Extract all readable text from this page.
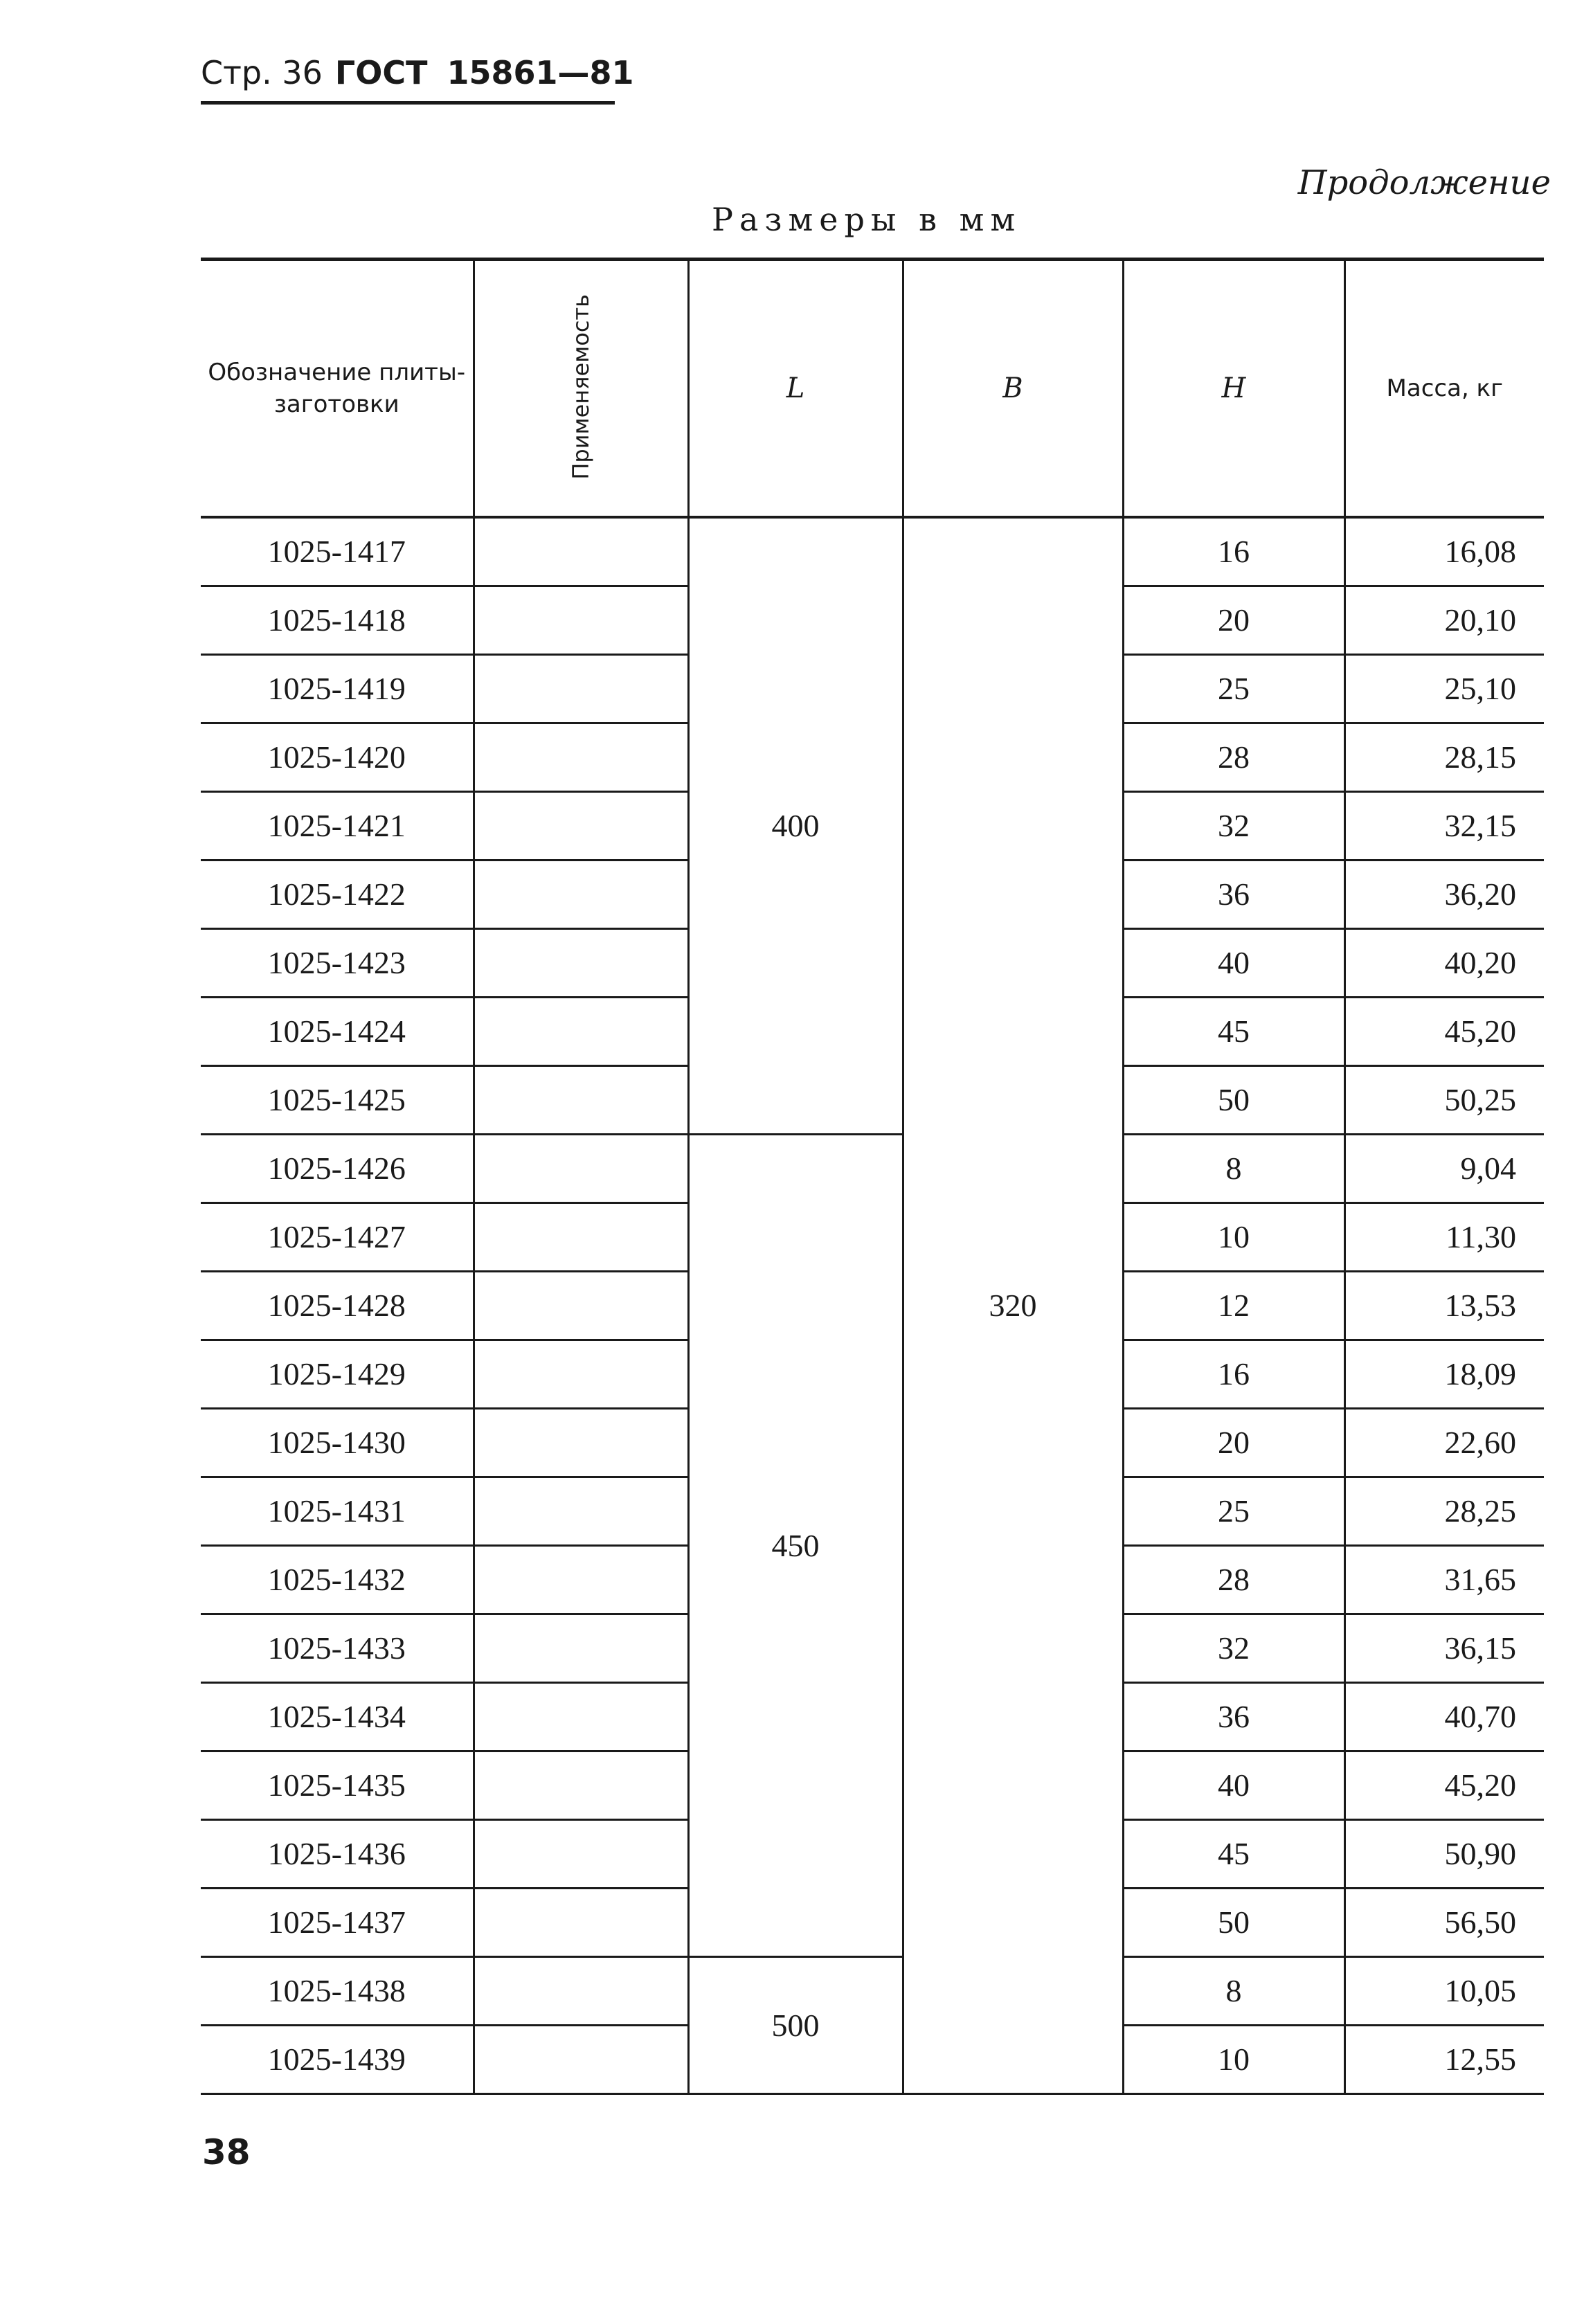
Стр. 36 ГОСТ 15861—81
Продолжение
Размеры в мм
Обозначение плиты-заготовки	Применяемость	L	B	H	Масса, кг
1025-1417		400	320	16	16,08
1025-1418				20	20,10
1025-1419				25	25,10
1025-1420				28	28,15
1025-1421				32	32,15
1025-1422				36	36,20
1025-1423				40	40,20
1025-1424				45	45,20
1025-1425				50	50,25
1025-1426		450		8	9,04
1025-1427				10	11,30
1025-1428				12	13,53
1025-1429				16	18,09
1025-1430				20	22,60
1025-1431				25	28,25
1025-1432				28	31,65
1025-1433				32	36,15
1025-1434				36	40,70
1025-1435				40	45,20
1025-1436				45	50,90
1025-1437				50	56,50
1025-1438		500		8	10,05
1025-1439				10	12,55
38
